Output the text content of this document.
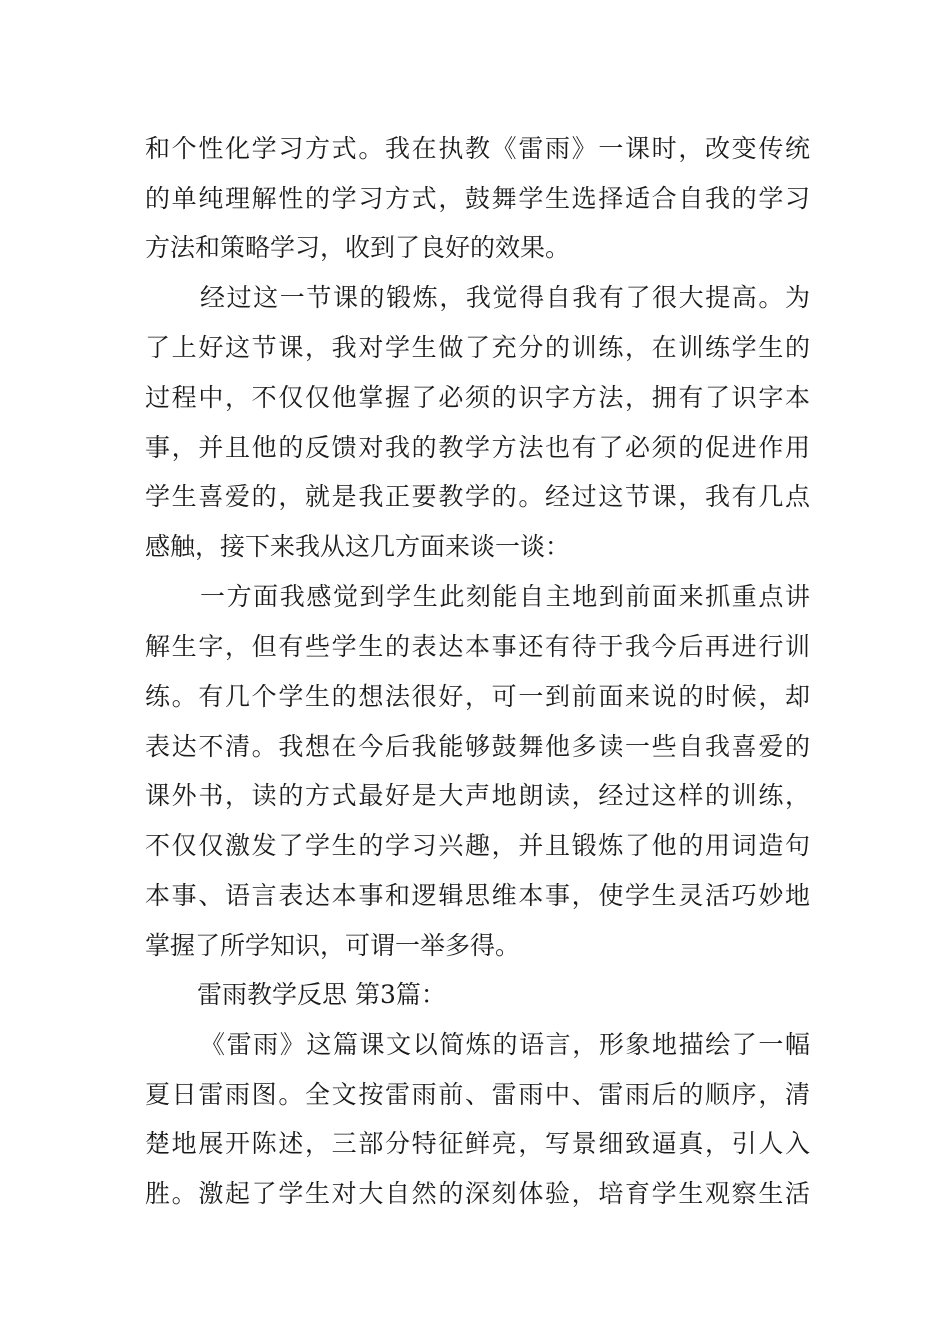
和个性化学习方式。我在执教《雷雨》一课时，改变传统
的单纯理解性的学习方式，鼓舞学生选择适合自我的学习
方法和策略学习，收到了良好的效果。
经过这一节课的锻炼，我觉得自我有了很大提高。为
了上好这节课，我对学生做了充分的训练，在训练学生的
过程中，不仅仅他掌握了必须的识字方法，拥有了识字本
事，并且他的反馈对我的教学方法也有了必须的促进作用
学生喜爱的，就是我正要教学的。经过这节课，我有几点
感触，接下来我从这几方面来谈一谈：
一方面我感觉到学生此刻能自主地到前面来抓重点讲
解生字，但有些学生的表达本事还有待于我今后再进行训
练。有几个学生的想法很好，可一到前面来说的时候，却
表达不清。我想在今后我能够鼓舞他多读一些自我喜爱的
课外书，读的方式最好是大声地朗读，经过这样的训练，
不仅仅激发了学生的学习兴趣，并且锻炼了他的用词造句
本事、语言表达本事和逻辑思维本事，使学生灵活巧妙地
掌握了所学知识，可谓一举多得。
雷雨教学反思 第3篇：
《雷雨》这篇课文以简炼的语言，形象地描绘了一幅
夏日雷雨图。全文按雷雨前、雷雨中、雷雨后的顺序，清
楚地展开陈述，三部分特征鲜亮，写景细致逼真，引人入
胜。激起了学生对大自然的深刻体验，培育学生观察生活
